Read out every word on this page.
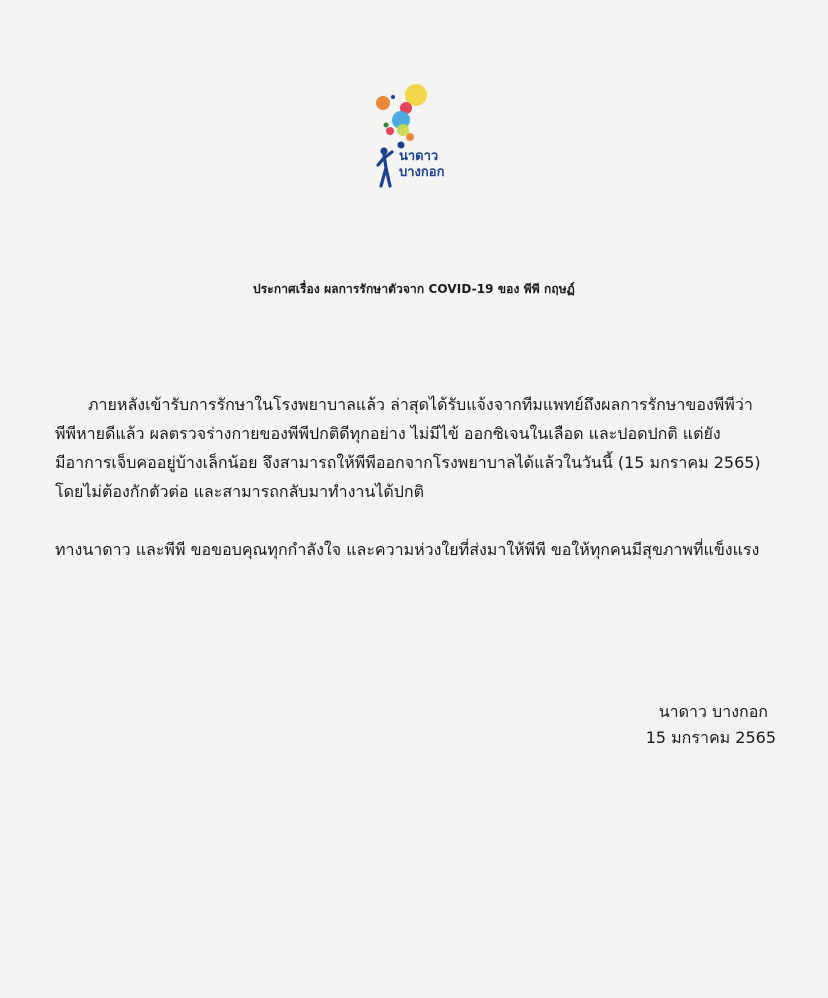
นาดาว
บางกอก
ประกาศเรื่อง ผลการรักษาตัวจาก COVID-19 ของ พีพี กฤษฏ์
ภายหลังเข้ารับการรักษาในโรงพยาบาลแล้ว ล่าสุดได้รับแจ้งจากทีมแพทย์ถึงผลการรักษาของพีพีว่า
พีพีหายดีแล้ว ผลตรวจร่างกายของพีพีปกติดีทุกอย่าง ไม่มีไข้ ออกซิเจนในเลือด และปอดปกติ แต่ยัง
มีอาการเจ็บคออยู่บ้างเล็กน้อย จึงสามารถให้พีพีออกจากโรงพยาบาลได้แล้วในวันนี้ (15 มกราคม 2565)
โดยไม่ต้องกักตัวต่อ และสามารถกลับมาทำงานได้ปกติ
ทางนาดาว และพีพี ขอขอบคุณทุกกำลังใจ และความห่วงใยที่ส่งมาให้พีพี ขอให้ทุกคนมีสุขภาพที่แข็งแรง
นาดาว บางกอก
15 มกราคม 2565
